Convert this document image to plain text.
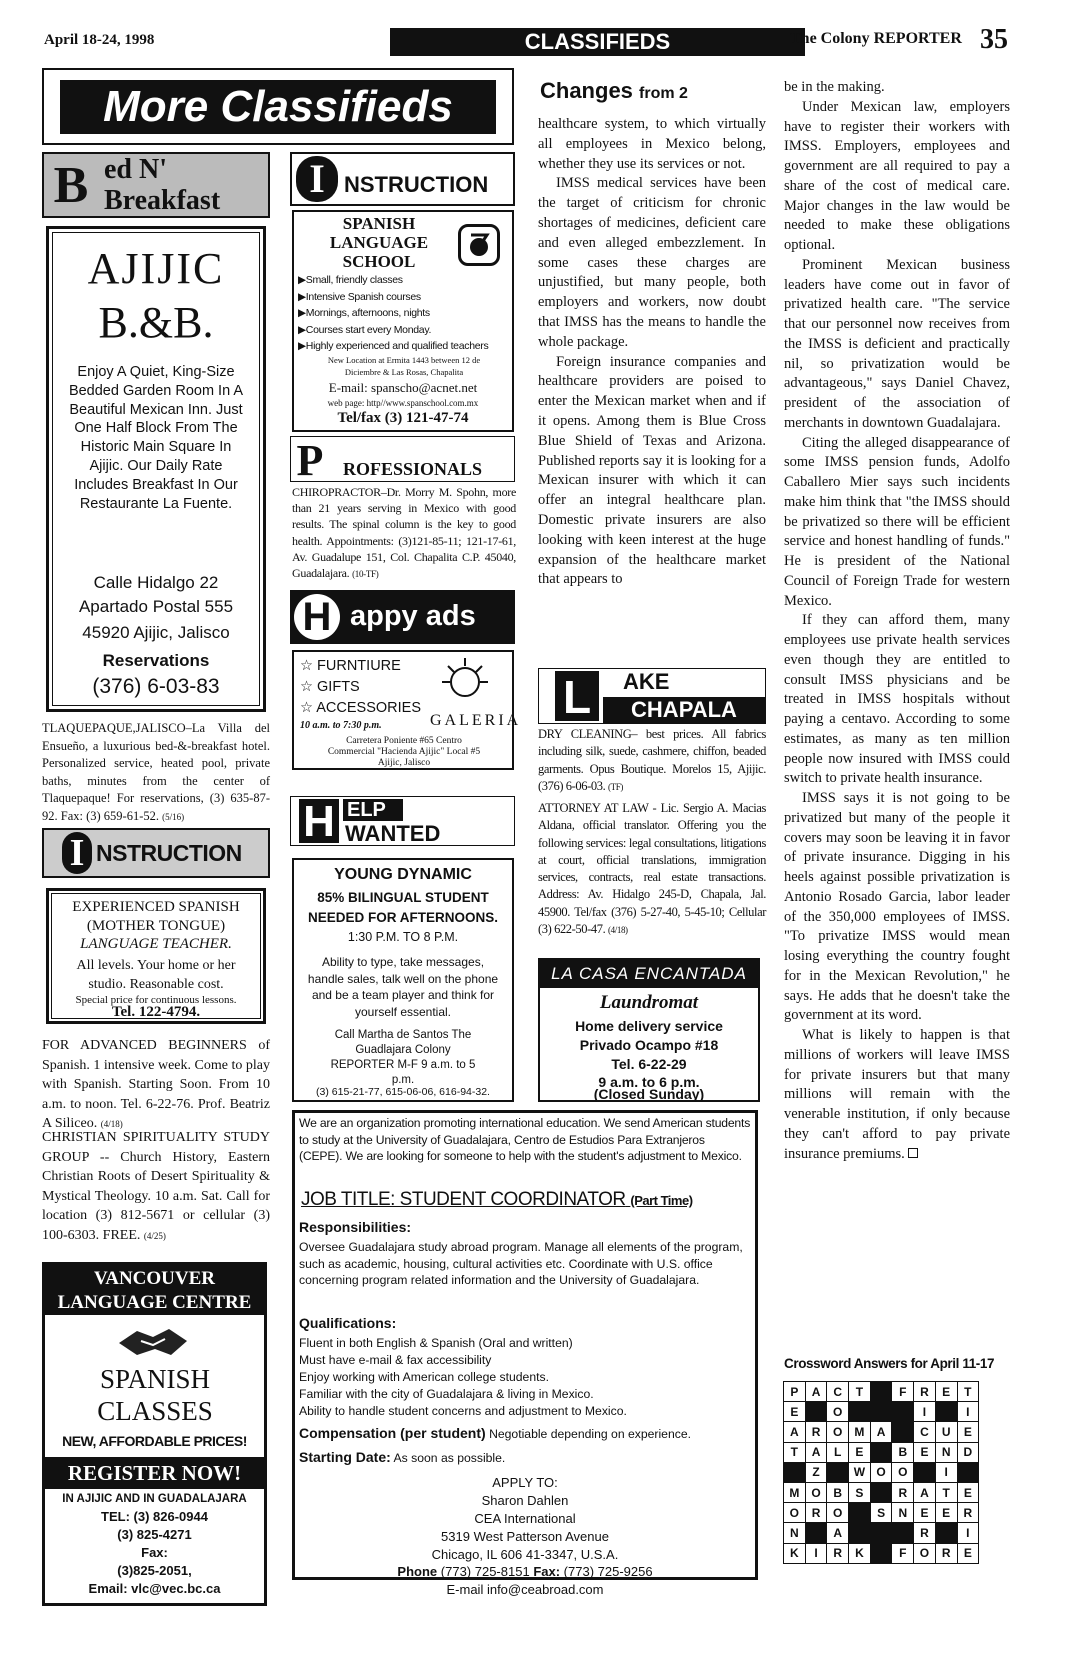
April 18-24, 1998	CLASSIFIEDS	The Colony REPORTER 35
More Classifieds
B ed N' Breakfast
AJIJIC
B.&B.
Enjoy A Quiet, King-Size Bedded Garden Room In A Beautiful Mexican Inn. Just One Half Block From The Historic Main Square In Ajijic. Our Daily Rate Includes Breakfast In Our Restaurante La Fuente.
Calle Hidalgo 22
Apartado Postal 555
45920 Ajijic, Jalisco
Reservations
(376) 6-03-83
TLAQUEPAQUE,JALISCO–La Villa del Ensueño, a luxurious bed-&-breakfast hotel. Personalized service, heated pool, private baths, minutes from the center of Tlaquepaque! For reservations, (3) 635-87-92. Fax: (3) 659-61-52. (5/16)
I NSTRUCTION
EXPERIENCED SPANISH (MOTHER TONGUE)
LANGUAGE TEACHER.
All levels. Your home or her studio. Reasonable cost.
Special price for continuous lessons.
Tel. 122-4794.
FOR ADVANCED BEGINNERS of Spanish. 1 intensive week. Come to play with Spanish. Starting Soon. From 10 a.m. to noon. Tel. 6-22-76. Prof. Beatriz A Siliceo. (4/18)
CHRISTIAN SPIRITUALITY STUDY GROUP -- Church History, Eastern Christian Roots of Desert Spirituality & Mystical Theology. 10 a.m. Sat. Call for location (3) 812-5671 or cellular (3) 100-6303. FREE. (4/25)
VANCOUVER LANGUAGE CENTRE
SPANISH CLASSES
NEW, AFFORDABLE PRICES!
REGISTER NOW!
IN AJIJIC AND IN GUADALAJARA
TEL: (3) 826-0944
(3) 825-4271
Fax:
(3)825-2051,
Email: vlc@vec.bc.ca
I NSTRUCTION
SPANISH LANGUAGE SCHOOL
▶Small, friendly classes
▶Intensive Spanish courses
▶Mornings, afternoons, nights
▶Courses start every Monday.
▶Highly experienced and qualified teachers
New Location at Ermita 1443 between 12 de Diciembre & Las Rosas, Chapalita
E-mail: spanscho@acnet.net
web page: http//www.spanschool.com.mx
Tel/fax (3) 121-47-74
P ROFESSIONALS
CHIROPRACTOR–Dr. Morry M. Spohn, more than 21 years serving in Mexico with good results. The spinal column is the key to good health. Appointments: (3)121-85-11; 121-17-61, Av. Guadalupe 151, Col. Chapalita C.P. 45040, Guadalajara. (10-TF)
H appy ads
☆ FURNTIURE
☆ GIFTS
☆ ACCESSORIES
10 a.m. to 7:30 p.m.	GALERIA
Carretera Poniente #65 Centro Commercial "Hacienda Ajijic" Local #5 Ajijic, Jalisco
H ELP
WANTED
YOUNG DYNAMIC
85% BILINGUAL STUDENT
NEEDED FOR AFTERNOONS.
1:30 P.M. TO 8 P.M.
Ability to type, take messages, handle sales, talk well on the phone and be a team player and think for yourself essential.
Call Martha de Santos The Guadlajara Colony REPORTER M-F 9 a.m. to 5 p.m.
(3) 615-21-77, 615-06-06, 616-94-32.
Changes from 2

healthcare system, to which virtually all employees in Mexico belong, whether they use its services or not.

IMSS medical services have been the target of criticism for chronic shortages of medicines, deficient care and even alleged embezzlement. In some cases these charges are unjustified, but many people, both employers and workers, now doubt that IMSS has the means to handle the whole package.

Foreign insurance companies and healthcare providers are poised to enter the Mexican market when and if it opens. Among them is Blue Cross Blue Shield of Texas and Arizona. Published reports say it is looking for a Mexican insurer with which it can offer an integral healthcare plan. Domestic private insurers are also looking with keen interest at the huge expansion of the healthcare market that appears to

L	AKE
CHAPALA
DRY CLEANING– best prices. All fabrics including silk, suede, cashmere, chiffon, beaded garments. Opus Boutique. Morelos 15, Ajijic. (376) 6-06-03. (TF)
ATTORNEY AT LAW - Lic. Sergio A. Macias Aldana, official translator. Offering you the following services: legal consultations, litigations at court, official translations, immigration services, contracts, real estate transactions. Address: Av. Hidalgo 245-D, Chapala, Jal. 45900. Tel/fax (376) 5-27-40, 5-45-10; Cellular (3) 622-50-47. (4/18)
LA CASA ENCANTADA
Laundromat
Home delivery service
Privado Ocampo #18
Tel. 6-22-29
9 a.m. to 6 p.m.
(Closed Sunday)
We are an organization promoting international education. We send American students to study at the University of Guadalajara, Centro de Estudios Para Extranjeros (CEPE). We are looking for someone to help with the student's adjustment to Mexico.
JOB TITLE: STUDENT COORDINATOR (Part Time)
Responsibilities:
Oversee Guadalajara study abroad program. Manage all elements of the program, such as academic, housing, cultural activities etc. Coordinate with U.S. office concerning program related information and the University of Guadalajara.
Qualifications:
Fluent in both English & Spanish (Oral and written)
Must have e-mail & fax accessibility
Enjoy working with American college students.
Familiar with the city of Guadalajara & living in Mexico.
Ability to handle student concerns and adjustment to Mexico.
Compensation (per student) Negotiable depending on experience.
Starting Date: As soon as possible.
APPLY TO:
Sharon Dahlen
CEA International
5319 West Patterson Avenue
Chicago, IL 606 41-3347, U.S.A.
Phone (773) 725-8151 Fax: (773) 725-9256
E-mail info@ceabroad.com

be in the making.

Under Mexican law, employers have to register their workers with IMSS. Employers, employees and government are all required to pay a share of the cost of medical care. Major changes in the law would be needed to make these obligations optional.

Prominent Mexican business leaders have come out in favor of privatized health care. "The service that our personnel now receives from the IMSS is deficient and practically nil, so privatization would be advantageous," says Daniel Chavez, president of the association of merchants in downtown Guadalajara.

Citing the alleged disappearance of some IMSS pension funds, Adolfo Caballero Mier says such incidents make him think that "the IMSS should be privatized so there will be efficient service and honest handling of funds." He is president of the National Council of Foreign Trade for western Mexico.

If they can afford them, many employees use private health services even though they are entitled to consult IMSS physicians and be treated in IMSS hospitals without paying a centavo. According to some estimates, as many as ten million people now insured with IMSS could switch to private health insurance.

IMSS says it is not going to be privatized but many of the people it covers may soon be leaving it in favor of private insurance. Digging in his heels against possible privatization is Antonio Rosado Garcia, labor leader of the 350,000 employees of IMSS. "To privatize IMSS would mean losing everything the country fought for in the Mexican Revolution," he says. He adds that he doesn't take the government at its word.

What is likely to happen is that millions of workers will leave IMSS for private insurers but that many millions will remain with the venerable institution, if only because they can't afford to pay private insurance premiums.

Crossword Answers for April 11-17
P	A	C	T		F	R	E	T
E		O				I		I
A	R	O	M	A		C	U	E
T	A	L	E		B	E	N	D
	Z		W	O	O		I	
M	O	B	S		R	A	T	E
O	R	O		S	N	E	E	R
N		A				R		I
K	I	R	K		F	O	R	E
